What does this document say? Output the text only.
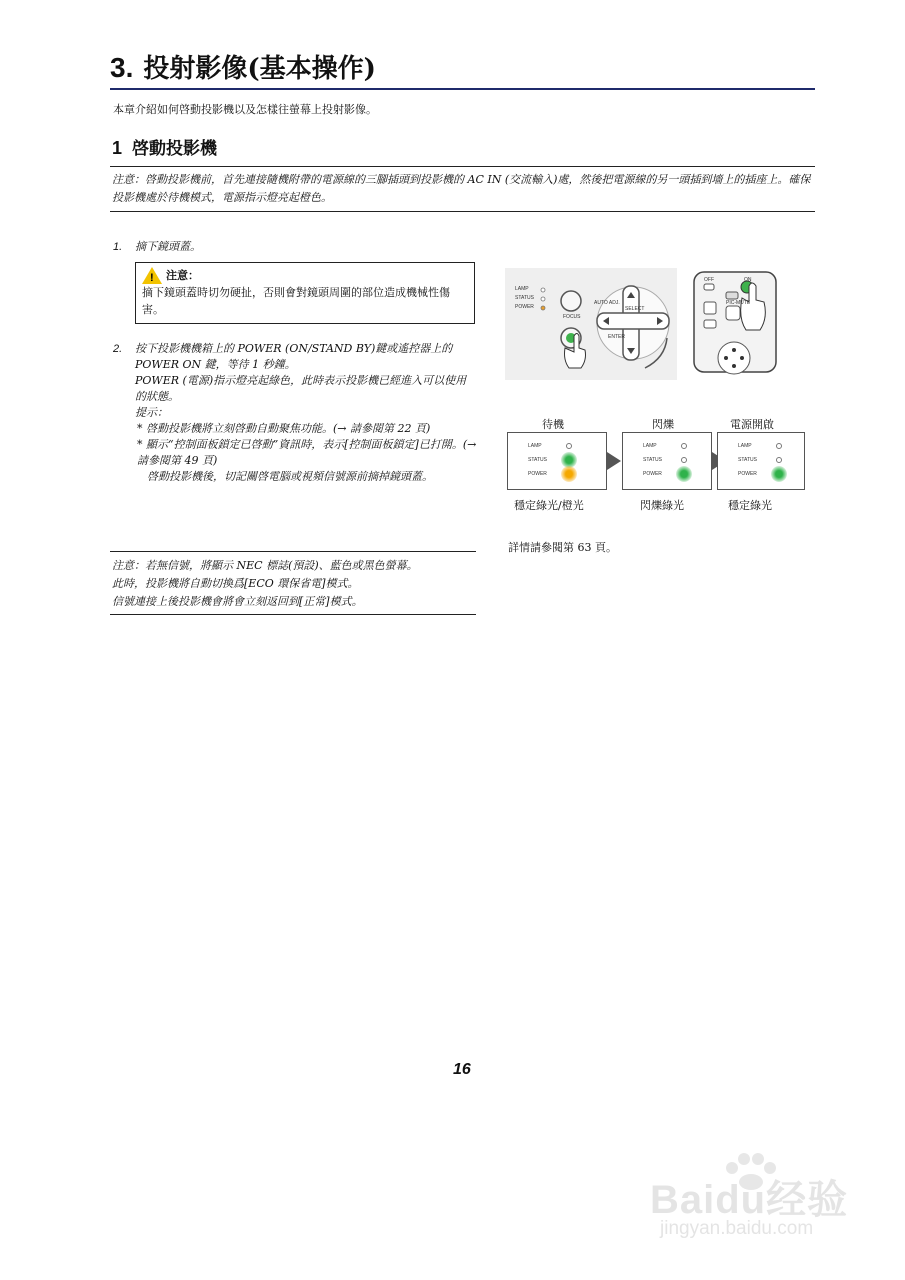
3. 投射影像(基本操作)
本章介紹如何啓動投影機以及怎樣往螢幕上投射影像。
1 啓動投影機
注意：啓動投影機前，首先連接隨機附帶的電源線的三腳插頭到投影機的 AC IN (交流輸入)處，然後把電源線的另一頭插到墻上的插座上。確保投影機處於待機模式，電源指示燈亮起橙色。
1. 摘下鏡頭蓋。
!
注意：
摘下鏡頭蓋時切勿硬扯，否則會對鏡頭周圍的部位造成機械性傷害。
2. 按下投影機機箱上的 POWER (ON/STAND BY)鍵或遙控器上的 POWER ON 鍵，等待 1 秒鐘。
POWER (電源)指示燈亮起綠色，此時表示投影機已經進入可以使用的狀態。
提示：
* 啓動投影機將立刻啓動自動聚焦功能。(→ 請參閱第 22 頁)
* 顯示“控制面板鎖定已啓動”資訊時，表示[控制面板鎖定]已打開。(→ 請參閱第 49 頁)
啓動投影機後，切記關啓電腦或視頻信號源前摘掉鏡頭蓋。
注意：若無信號，將顯示 NEC 標誌(預設)、藍色或黑色螢幕。
此時，投影機將自動切換爲[ECO 環保省電]模式。
信號連接上後投影機會將會立刻返回到[正常]模式。
LAMP
STATUS
POWER
FOCUS
AUTO ADJ.
SELECT
ENTER
OFF	ON
PIC-MUTE
待機	閃爍	電源開啟
LAMP
STATUS
POWER
LAMP
STATUS
POWER
LAMP
STATUS
POWER
穩定綠光/橙光	閃爍綠光	穩定綠光
詳情請參閱第 63 頁。
16
Baidu经验
jingyan.baidu.com
